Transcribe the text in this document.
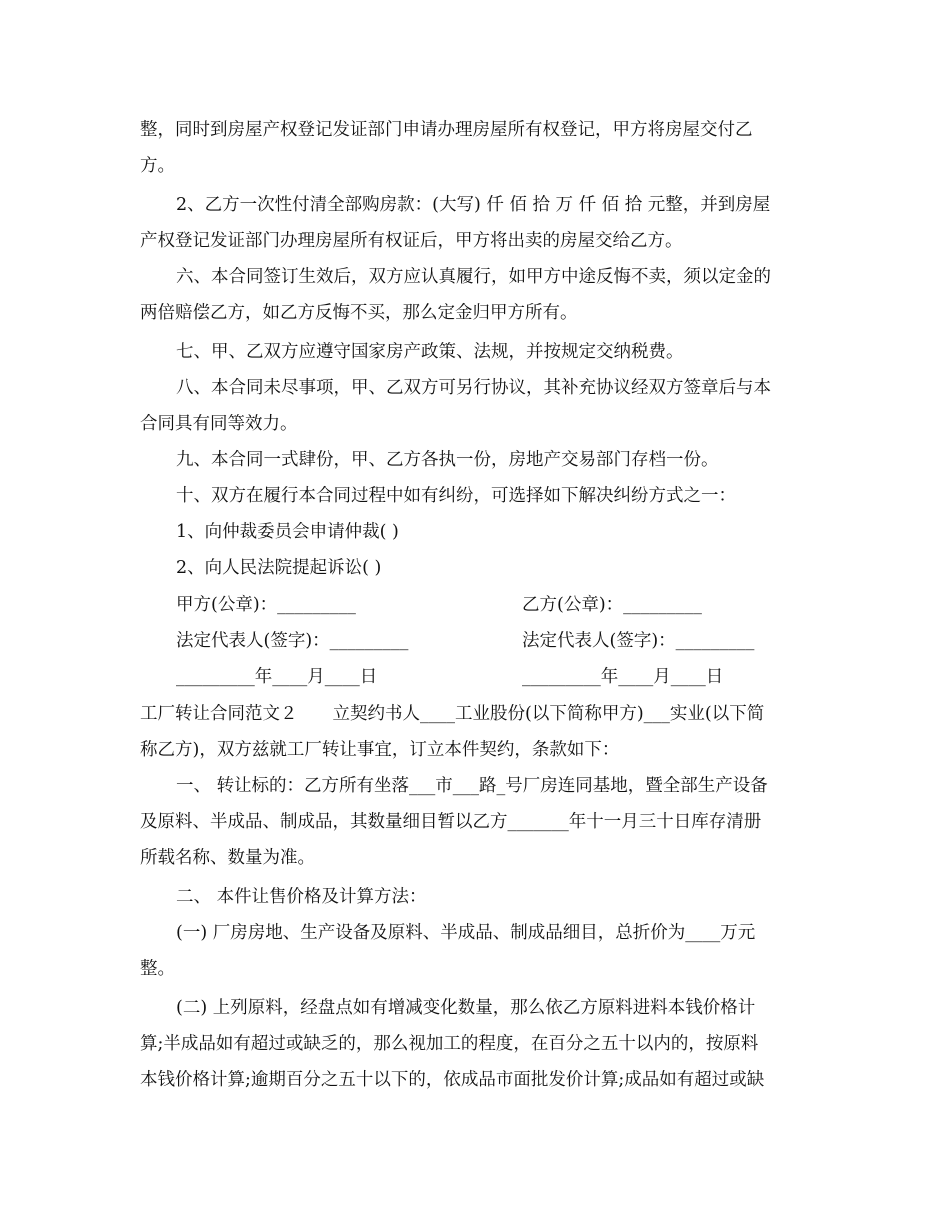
整，同时到房屋产权登记发证部门申请办理房屋所有权登记，甲方将房屋交付乙
方。
2、乙方一次性付清全部购房款：(大写) 仟 佰 拾 万 仟 佰 拾 元整，并到房屋
产权登记发证部门办理房屋所有权证后，甲方将出卖的房屋交给乙方。
六、本合同签订生效后，双方应认真履行，如甲方中途反悔不卖，须以定金的
两倍赔偿乙方，如乙方反悔不买，那么定金归甲方所有。
七、甲、乙双方应遵守国家房产政策、法规，并按规定交纳税费。
八、本合同未尽事项，甲、乙双方可另行协议，其补充协议经双方签章后与本
合同具有同等效力。
九、本合同一式肆份，甲、乙方各执一份，房地产交易部门存档一份。
十、双方在履行本合同过程中如有纠纷，可选择如下解决纠纷方式之一：
1、向仲裁委员会申请仲裁( )
2、向人民法院提起诉讼( )
甲方(公章)：_________	乙方(公章)：_________
法定代表人(签字)：_________	法定代表人(签字)：_________
_________年____月____日	_________年____月____日
工厂转让合同范文２　　立契约书人____工业股份(以下简称甲方)___实业(以下简
称乙方)，双方兹就工厂转让事宜，订立本件契约，条款如下：
一、 转让标的：乙方所有坐落___市___路_号厂房连同基地，暨全部生产设备
及原料、半成品、制成品，其数量细目暂以乙方_______年十一月三十日库存清册
所载名称、数量为准。
二、 本件让售价格及计算方法：
(一) 厂房房地、生产设备及原料、半成品、制成品细目，总折价为____万元
整。
(二) 上列原料，经盘点如有增减变化数量，那么依乙方原料进料本钱价格计
算;半成品如有超过或缺乏的，那么视加工的程度，在百分之五十以内的，按原料
本钱价格计算;逾期百分之五十以下的，依成品市面批发价计算;成品如有超过或缺
